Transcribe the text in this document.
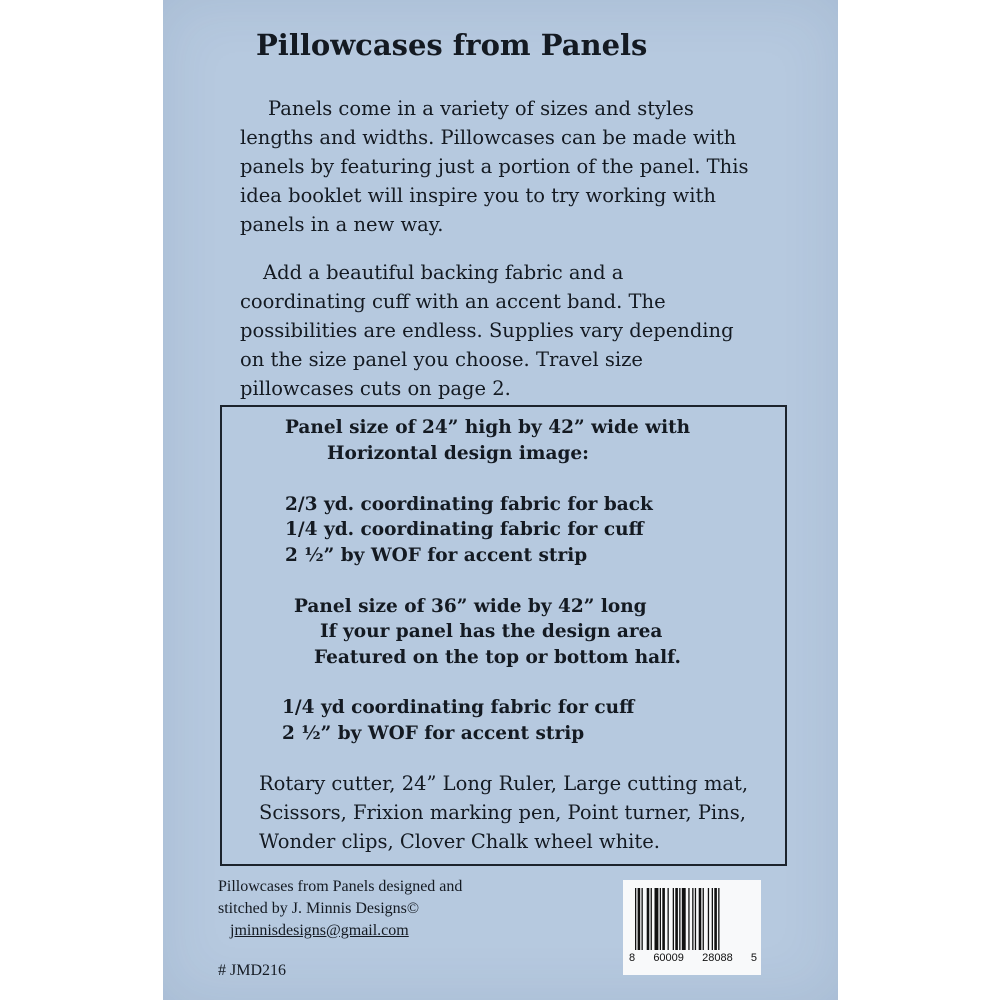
Pillowcases from Panels
Panels come in a variety of sizes and styles
lengths and widths. Pillowcases can be made with
panels by featuring just a portion of the panel. This
idea booklet will inspire you to try working with
panels in a new way.
Add a beautiful backing fabric and a
coordinating cuff with an accent band. The
possibilities are endless. Supplies vary depending
on the size panel you choose. Travel size
pillowcases cuts on page 2.
Panel size of 24” high by 42” wide with
Horizontal design image:
2/3 yd. coordinating fabric for back
1/4 yd. coordinating fabric for cuff
2 ½” by WOF for accent strip
Panel size of 36” wide by 42” long
If your panel has the design area
Featured on the top or bottom half.
1/4 yd coordinating fabric for cuff
2 ½” by WOF for accent strip
Rotary cutter, 24” Long Ruler, Large cutting mat,
Scissors, Frixion marking pen, Point turner, Pins,
Wonder clips, Clover Chalk wheel white.
Pillowcases from Panels designed and
stitched by J. Minnis Designs©
jminnisdesigns@gmail.com
# JMD216
8 60009 28088 5
